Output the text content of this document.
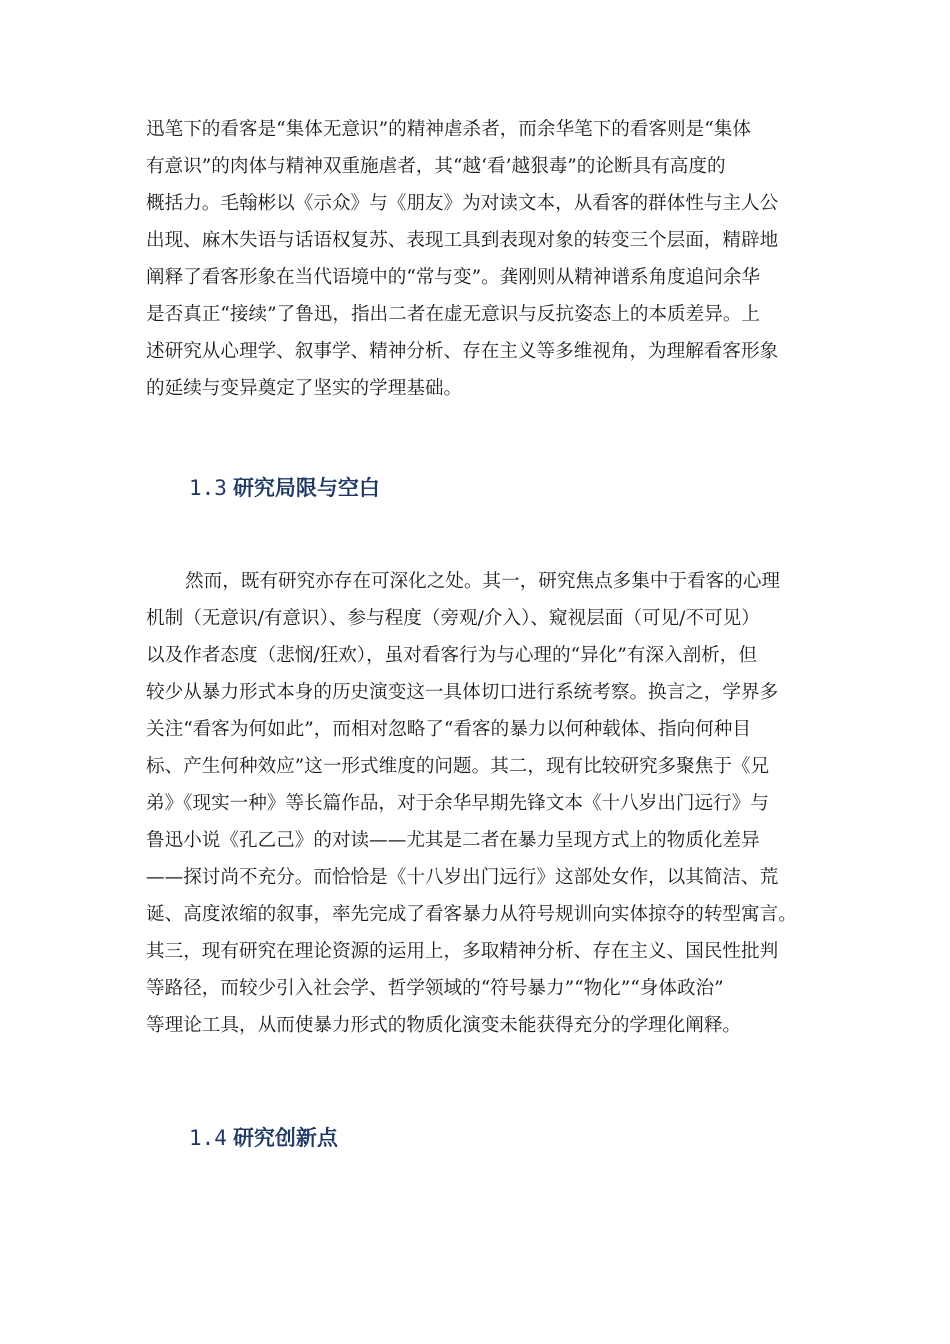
迅笔下的看客是“集体无意识”的精神虐杀者，而余华笔下的看客则是“集体

有意识”的肉体与精神双重施虐者，其“越‘看’越狠毒”的论断具有高度的

概括力。毛翰彬以《示众》与《朋友》为对读文本，从看客的群体性与主人公

出现、麻木失语与话语权复苏、表现工具到表现对象的转变三个层面，精辟地

阐释了看客形象在当代语境中的“常与变”。龚刚则从精神谱系角度追问余华

是否真正“接续”了鲁迅，指出二者在虚无意识与反抗姿态上的本质差异。上

述研究从心理学、叙事学、精神分析、存在主义等多维视角，为理解看客形象

的延续与变异奠定了坚实的学理基础。

1.3 研究局限与空白

然而，既有研究亦存在可深化之处。其一，研究焦点多集中于看客的心理

机制（无意识/有意识）、参与程度（旁观/介入）、窥视层面（可见/不可见）

以及作者态度（悲悯/狂欢），虽对看客行为与心理的“异化”有深入剖析，但

较少从暴力形式本身的历史演变这一具体切口进行系统考察。换言之，学界多

关注“看客为何如此”，而相对忽略了“看客的暴力以何种载体、指向何种目

标、产生何种效应”这一形式维度的问题。其二，现有比较研究多聚焦于《兄

弟》《现实一种》等长篇作品，对于余华早期先锋文本《十八岁出门远行》与

鲁迅小说《孔乙己》的对读——尤其是二者在暴力呈现方式上的物质化差异

——探讨尚不充分。而恰恰是《十八岁出门远行》这部处女作，以其简洁、荒

诞、高度浓缩的叙事，率先完成了看客暴力从符号规训向实体掠夺的转型寓言。

其三，现有研究在理论资源的运用上，多取精神分析、存在主义、国民性批判

等路径，而较少引入社会学、哲学领域的“符号暴力”“物化”“身体政治”

等理论工具，从而使暴力形式的物质化演变未能获得充分的学理化阐释。

1.4 研究创新点
